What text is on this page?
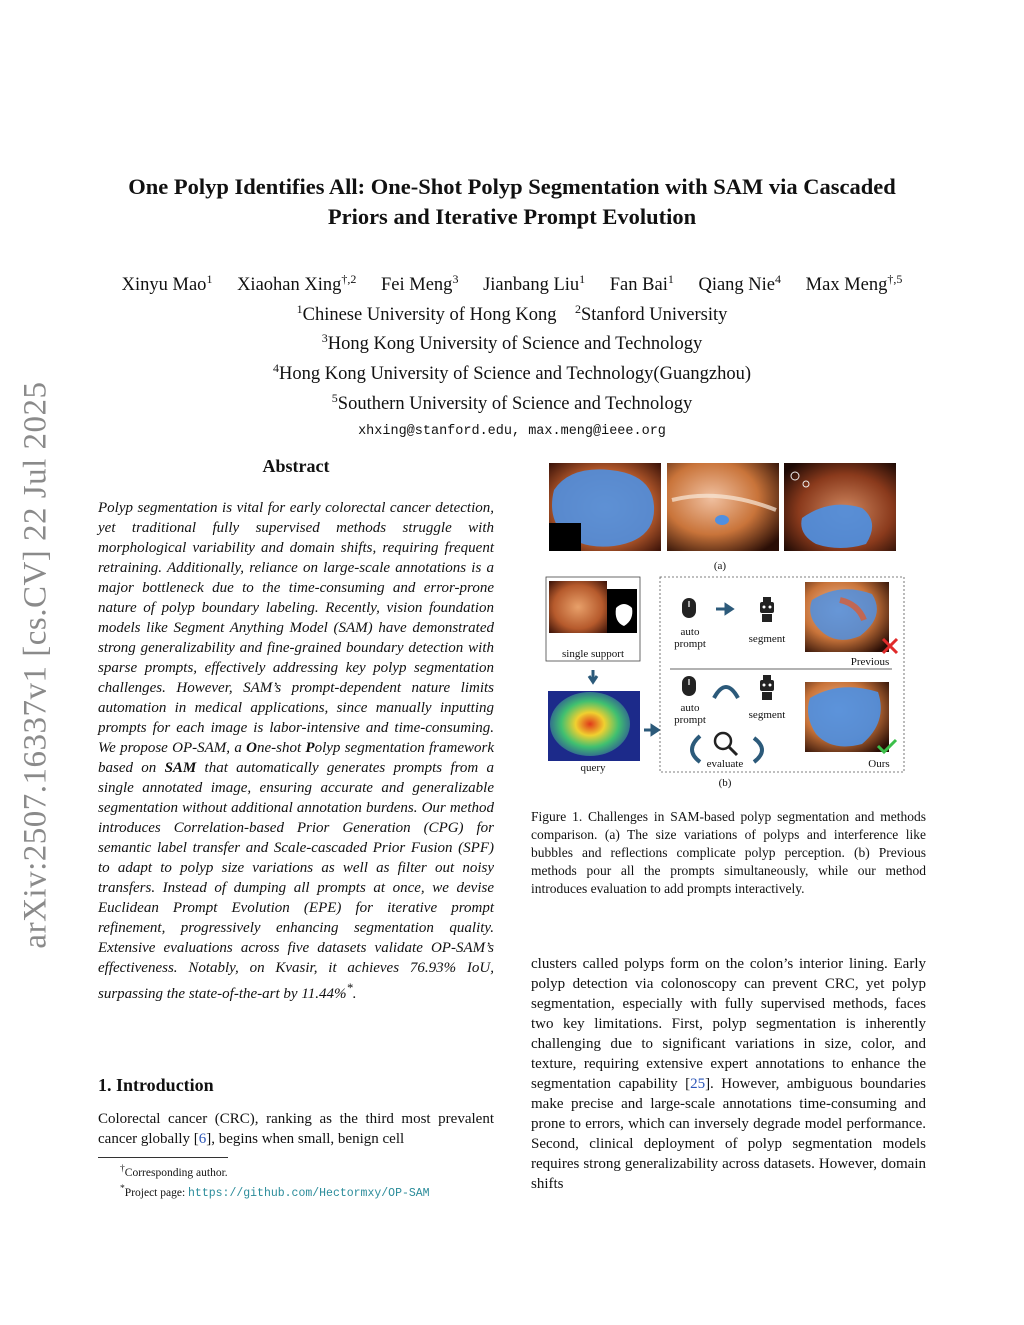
arXiv:2507.16337v1 [cs.CV] 22 Jul 2025
One Polyp Identifies All: One-Shot Polyp Segmentation with SAM via Cascaded
Priors and Iterative Prompt Evolution
Xinyu Mao$^1$ Xiaohan Xing$^{\dagger,2}$ Fei Meng$^3$ Jianbang Liu$^1$ Fan Bai$^1$ Qiang Nie$^4$ Max Meng$^{\dagger,5}$
$^1$Chinese University of Hong Kong $^2$Stanford University
$^3$Hong Kong University of Science and Technology
$^4$Hong Kong University of Science and Technology(Guangzhou)
$^5$Southern University of Science and Technology
xhxing@stanford.edu, max.meng@ieee.org
Abstract
Polyp segmentation is vital for early colorectal cancer detection, yet traditional fully supervised methods struggle with morphological variability and domain shifts, requiring frequent retraining. Additionally, reliance on large-scale annotations is a major bottleneck due to the time-consuming and error-prone nature of polyp boundary labeling. Recently, vision foundation models like Segment Anything Model (SAM) have demonstrated strong generalizability and fine-grained boundary detection with sparse prompts, effectively addressing key polyp segmentation challenges. However, SAM’s prompt-dependent nature limits automation in medical applications, since manually inputting prompts for each image is labor-intensive and time-consuming. We propose OP-SAM, a One-shot Polyp segmentation framework based on SAM that automatically generates prompts from a single annotated image, ensuring accurate and generalizable segmentation without additional annotation burdens. Our method introduces Correlation-based Prior Generation (CPG) for semantic label transfer and Scale-cascaded Prior Fusion (SPF) to adapt to polyp size variations as well as filter out noisy transfers. Instead of dumping all prompts at once, we devise Euclidean Prompt Evolution (EPE) for iterative prompt refinement, progressively enhancing segmentation quality. Extensive evaluations across five datasets validate OP-SAM’s effectiveness. Notably, on Kvasir, it achieves 76.93% IoU, surpassing the state-of-the-art by 11.44%*.
1. Introduction
Colorectal cancer (CRC), ranking as the third most prevalent cancer globally [6], begins when small, benign cell
†Corresponding author.
*Project page: https://github.com/Hectormxy/OP-SAM
(a)
single support
query
auto
prompt	segment
Previous
auto
prompt	segment
evaluate	Ours
(b)
Figure 1. Challenges in SAM-based polyp segmentation and methods comparison. (a) The size variations of polyps and interference like bubbles and reflections complicate polyp perception. (b) Previous methods pour all the prompts simultaneously, while our method introduces evaluation to add prompts interactively.
clusters called polyps form on the colon’s interior lining. Early polyp detection via colonoscopy can prevent CRC, yet polyp segmentation, especially with fully supervised methods, faces two key limitations. First, polyp segmentation is inherently challenging due to significant variations in size, color, and texture, requiring extensive expert annotations to enhance the segmentation capability [25]. However, ambiguous boundaries make precise and large-scale annotations time-consuming and prone to errors, which can inversely degrade model performance. Second, clinical deployment of polyp segmentation models requires strong generalizability across datasets. However, domain shifts
